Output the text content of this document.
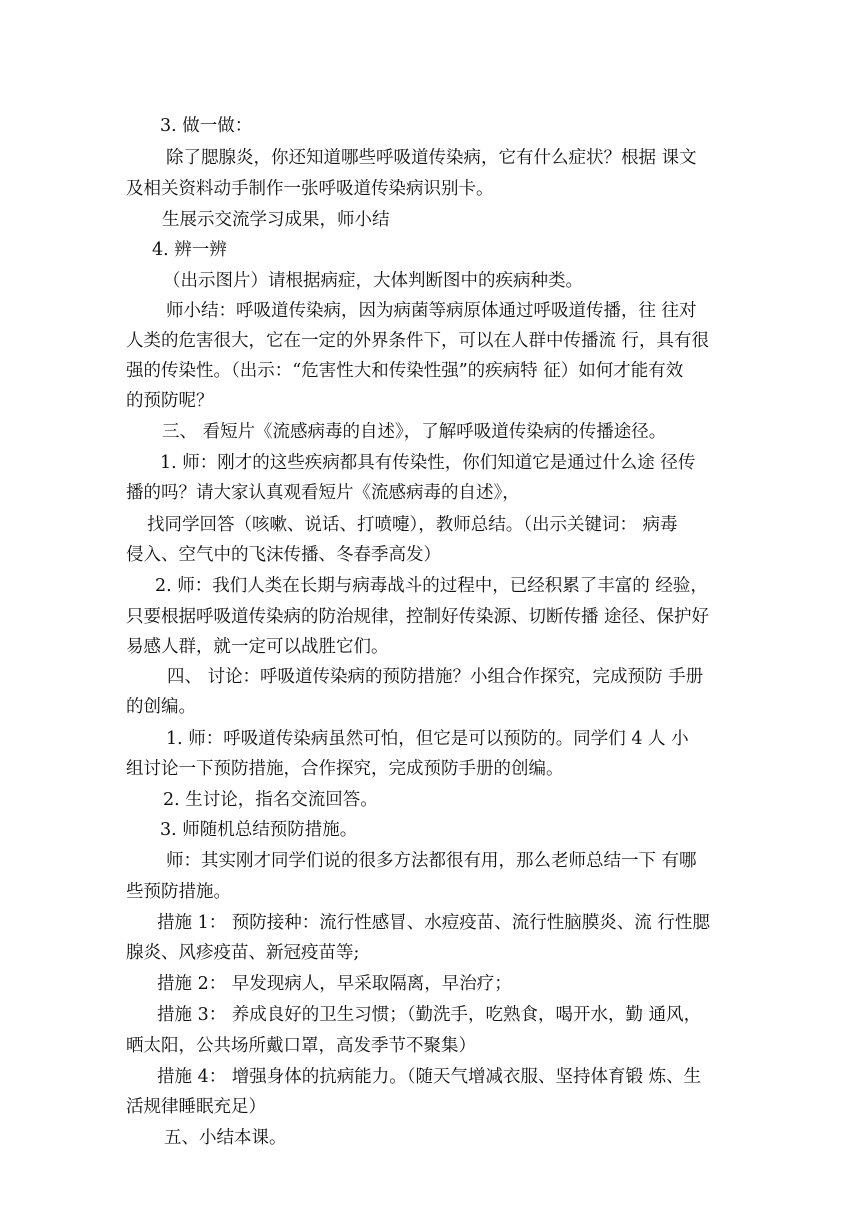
3. 做一做：
除了腮腺炎，你还知道哪些呼吸道传染病，它有什么症状？根据 课文
及相关资料动手制作一张呼吸道传染病识别卡。
生展示交流学习成果，师小结
4. 辨一辨
（出示图片）请根据病症，大体判断图中的疾病种类。
师小结：呼吸道传染病，因为病菌等病原体通过呼吸道传播，往 往对
人类的危害很大，它在一定的外界条件下，可以在人群中传播流 行，具有很
强的传染性。（出示：“危害性大和传染性强”的疾病特 征）如何才能有效
的预防呢？
三、 看短片《流感病毒的自述》，了解呼吸道传染病的传播途径。
1. 师：刚才的这些疾病都具有传染性，你们知道它是通过什么途 径传
播的吗？请大家认真观看短片《流感病毒的自述》，
找同学回答（咳嗽、说话、打喷嚏），教师总结。（出示关键词： 病毒
侵入、空气中的飞沫传播、冬春季高发）
2. 师：我们人类在长期与病毒战斗的过程中，已经积累了丰富的 经验，
只要根据呼吸道传染病的防治规律，控制好传染源、切断传播 途径、保护好
易感人群，就一定可以战胜它们。
四、 讨论：呼吸道传染病的预防措施？小组合作探究，完成预防 手册
的创编。
1. 师：呼吸道传染病虽然可怕，但它是可以预防的。同学们 4 人 小
组讨论一下预防措施，合作探究，完成预防手册的创编。
2. 生讨论，指名交流回答。
3. 师随机总结预防措施。
师：其实刚才同学们说的很多方法都很有用，那么老师总结一下 有哪
些预防措施。
措施 1： 预防接种：流行性感冒、水痘疫苗、流行性脑膜炎、流 行性腮
腺炎、风疹疫苗、新冠疫苗等;
措施 2： 早发现病人，早采取隔离，早治疗；
措施 3： 养成良好的卫生习惯；（勤洗手，吃熟食，喝开水，勤 通风，
晒太阳，公共场所戴口罩，高发季节不聚集）
措施 4： 增强身体的抗病能力。（随天气增减衣服、坚持体育锻 炼、生
活规律睡眠充足）
五、小结本课。
